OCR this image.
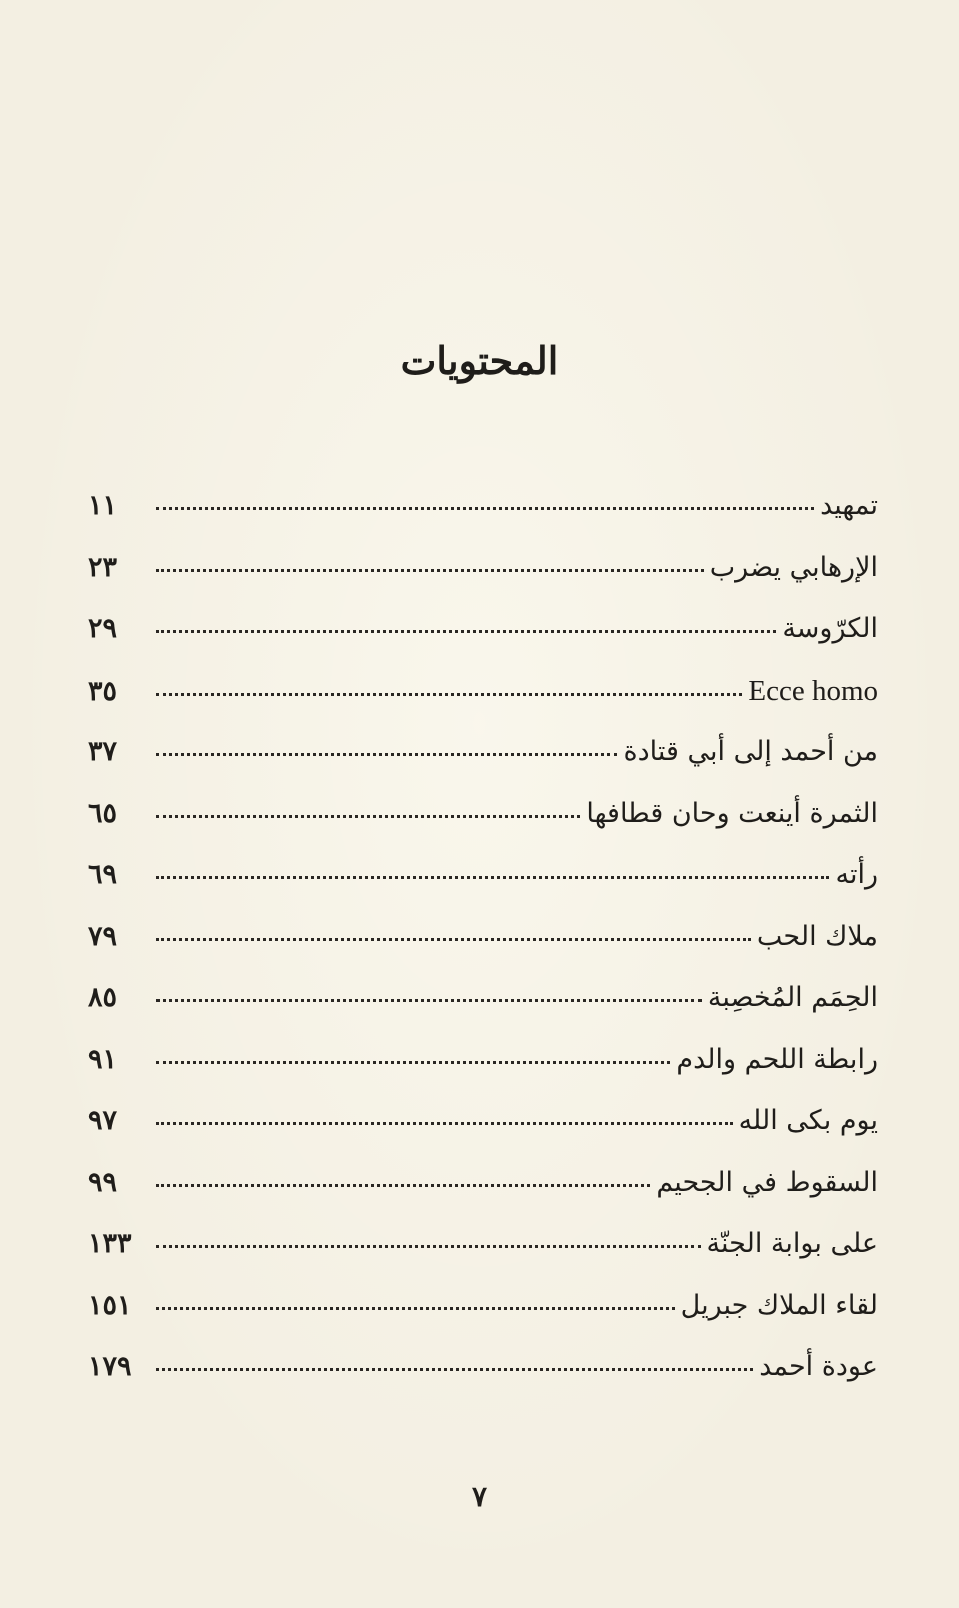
المحتويات
تمهيد
١١
الإرهابي يضرب
٢٣
الكرّوسة
٢٩
Ecce homo
٣٥
من أحمد إلى أبي قتادة
٣٧
الثمرة أينعت وحان قطافها
٦٥
رأته
٦٩
ملاك الحب
٧٩
الحِمَم المُخصِبة
٨٥
رابطة اللحم والدم
٩١
يوم بكى الله
٩٧
السقوط في الجحيم
٩٩
على بوابة الجنّة
١٣٣
لقاء الملاك جبريل
١٥١
عودة أحمد
١٧٩
٧
